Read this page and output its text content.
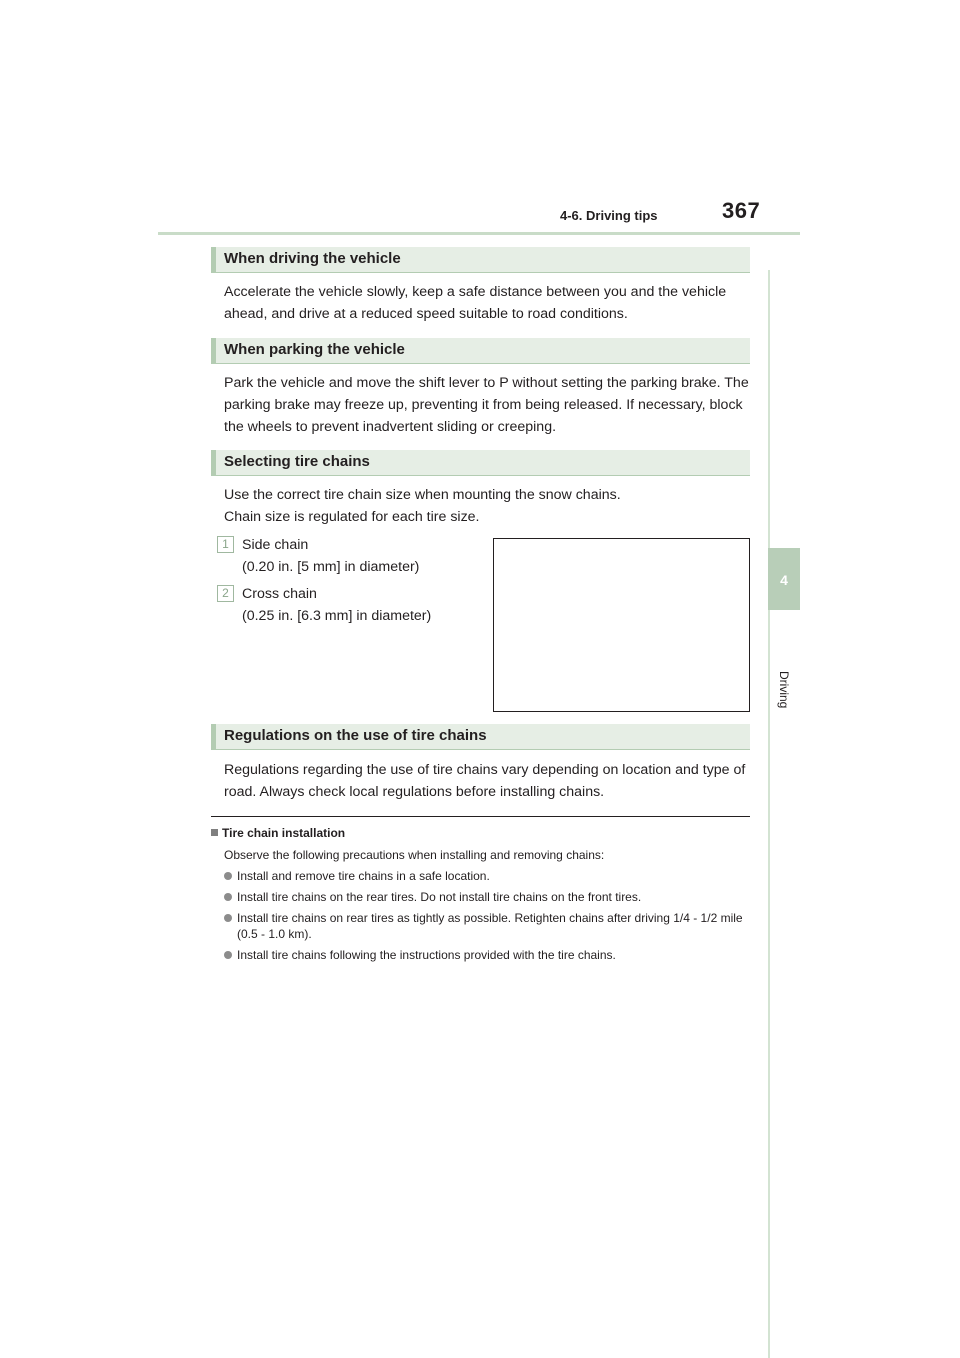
4-6. Driving tips	367
4
Driving
When driving the vehicle
Accelerate the vehicle slowly, keep a safe distance between you and the vehicle ahead, and drive at a reduced speed suitable to road conditions.
When parking the vehicle
Park the vehicle and move the shift lever to P without setting the parking brake. The parking brake may freeze up, preventing it from being released. If necessary, block the wheels to prevent inadvertent sliding or creeping.
Selecting tire chains
Use the correct tire chain size when mounting the snow chains.
Chain size is regulated for each tire size.
1 Side chain
(0.20 in. [5 mm] in diameter)
2 Cross chain
(0.25 in. [6.3 mm] in diameter)
Regulations on the use of tire chains
Regulations regarding the use of tire chains vary depending on location and type of road. Always check local regulations before installing chains.
Tire chain installation
Observe the following precautions when installing and removing chains:
Install and remove tire chains in a safe location.
Install tire chains on the rear tires. Do not install tire chains on the front tires.
Install tire chains on rear tires as tightly as possible. Retighten chains after driving 1/4 - 1/2 mile (0.5 - 1.0 km).
Install tire chains following the instructions provided with the tire chains.
